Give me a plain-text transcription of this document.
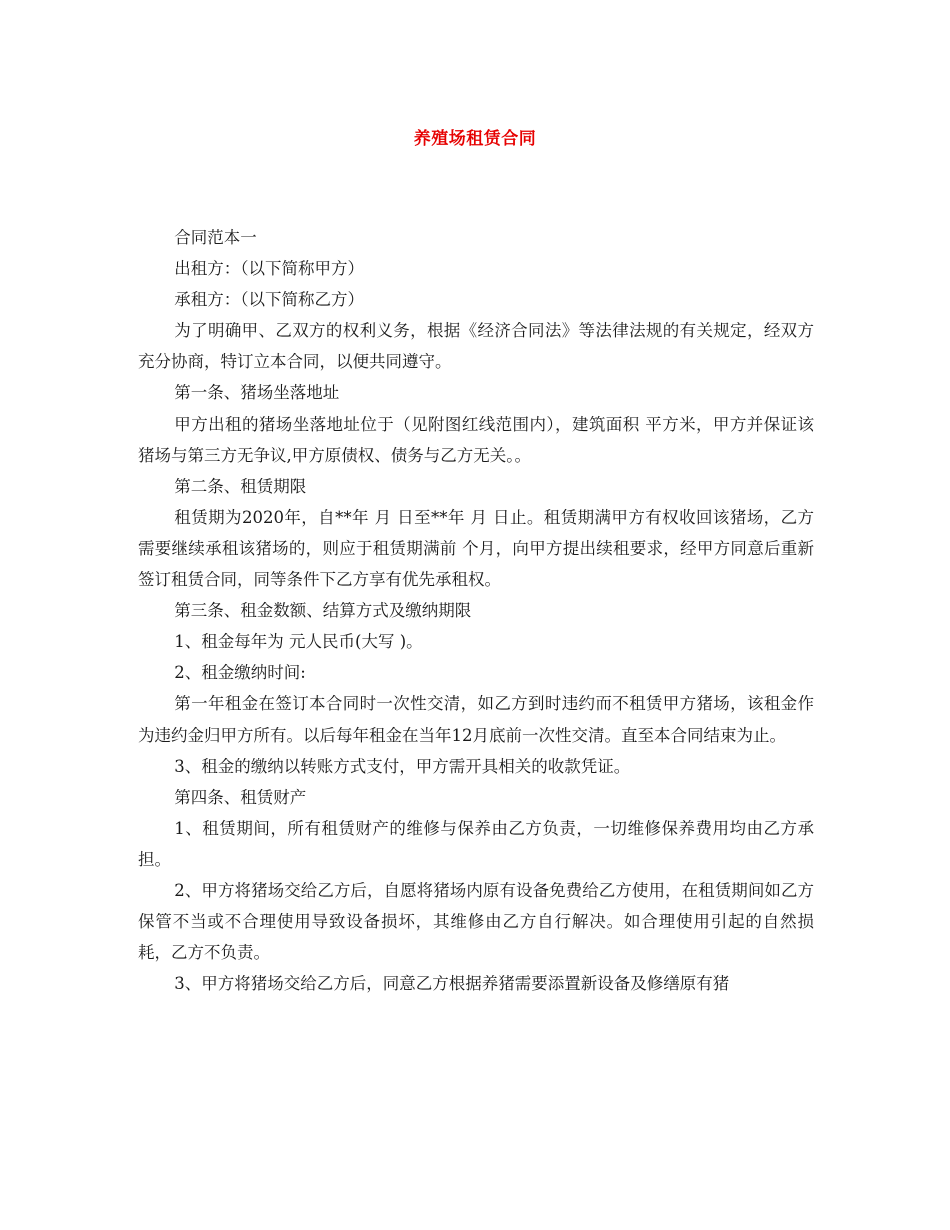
养殖场租赁合同

合同范本一

出租方：（以下简称甲方）

承租方：（以下简称乙方）

为了明确甲、乙双方的权利义务，根据《经济合同法》等法律法规的有关规定，经双方充分协商，特订立本合同，以便共同遵守。

第一条、猪场坐落地址

甲方出租的猪场坐落地址位于（见附图红线范围内），建筑面积 平方米，甲方并保证该猪场与第三方无争议,甲方原债权、债务与乙方无关。。

第二条、租赁期限

租赁期为2020年，自**年 月 日至**年 月 日止。租赁期满甲方有权收回该猪场，乙方需要继续承租该猪场的，则应于租赁期满前 个月，向甲方提出续租要求，经甲方同意后重新签订租赁合同，同等条件下乙方享有优先承租权。

第三条、租金数额、结算方式及缴纳期限

1、租金每年为 元人民币(大写 )。

2、租金缴纳时间:

第一年租金在签订本合同时一次性交清，如乙方到时违约而不租赁甲方猪场，该租金作为违约金归甲方所有。以后每年租金在当年12月底前一次性交清。直至本合同结束为止。

3、租金的缴纳以转账方式支付，甲方需开具相关的收款凭证。

第四条、租赁财产

1、租赁期间，所有租赁财产的维修与保养由乙方负责，一切维修保养费用均由乙方承担。

2、甲方将猪场交给乙方后，自愿将猪场内原有设备免费给乙方使用，在租赁期间如乙方保管不当或不合理使用导致设备损坏，其维修由乙方自行解决。如合理使用引起的自然损耗，乙方不负责。

3、甲方将猪场交给乙方后，同意乙方根据养猪需要添置新设备及修缮原有猪
